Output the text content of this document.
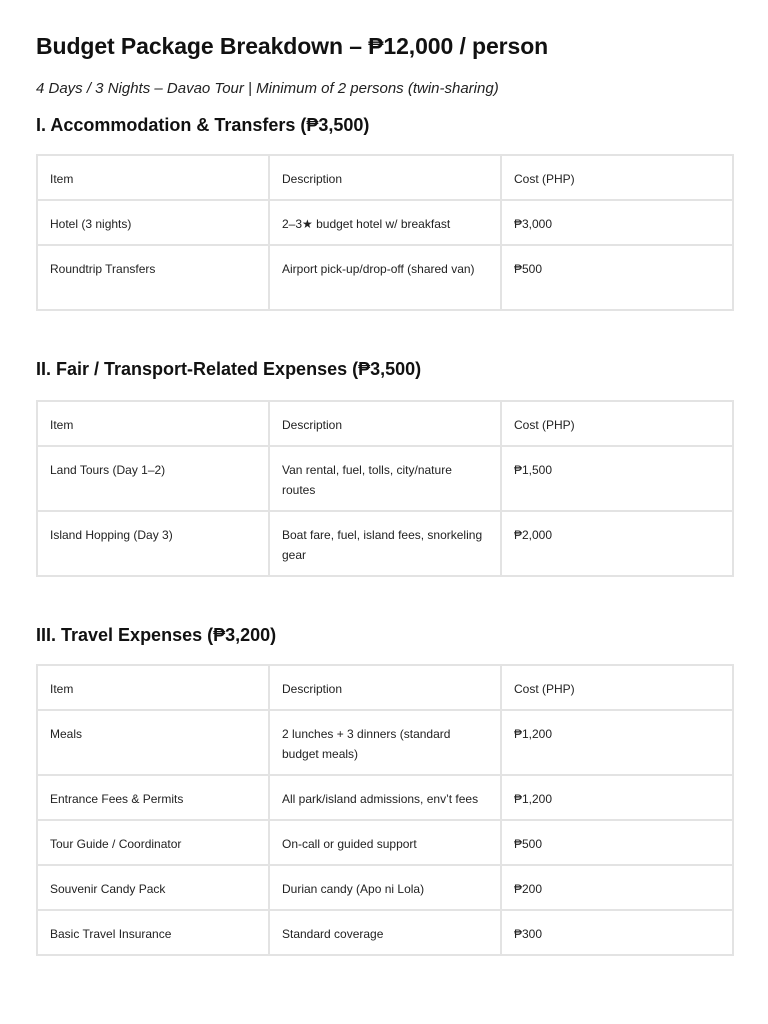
Budget Package Breakdown – ₱12,000 / person

4 Days / 3 Nights – Davao Tour | Minimum of 2 persons (twin-sharing)

I. Accommodation & Transfers (₱3,500)
Item	Description	Cost (PHP)
Hotel (3 nights)	2–3★ budget hotel w/ breakfast	₱3,000
Roundtrip Transfers	Airport pick-up/drop-off (shared van)	₱500
II. Fair / Transport-Related Expenses (₱3,500)
Item	Description	Cost (PHP)
Land Tours (Day 1–2)	Van rental, fuel, tolls, city/nature routes	₱1,500
Island Hopping (Day 3)	Boat fare, fuel, island fees, snorkeling gear	₱2,000
III. Travel Expenses (₱3,200)
Item	Description	Cost (PHP)
Meals	2 lunches + 3 dinners (standard budget meals)	₱1,200
Entrance Fees & Permits	All park/island admissions, env’t fees	₱1,200
Tour Guide / Coordinator	On-call or guided support	₱500
Souvenir Candy Pack	Durian candy (Apo ni Lola)	₱200
Basic Travel Insurance	Standard coverage	₱300
